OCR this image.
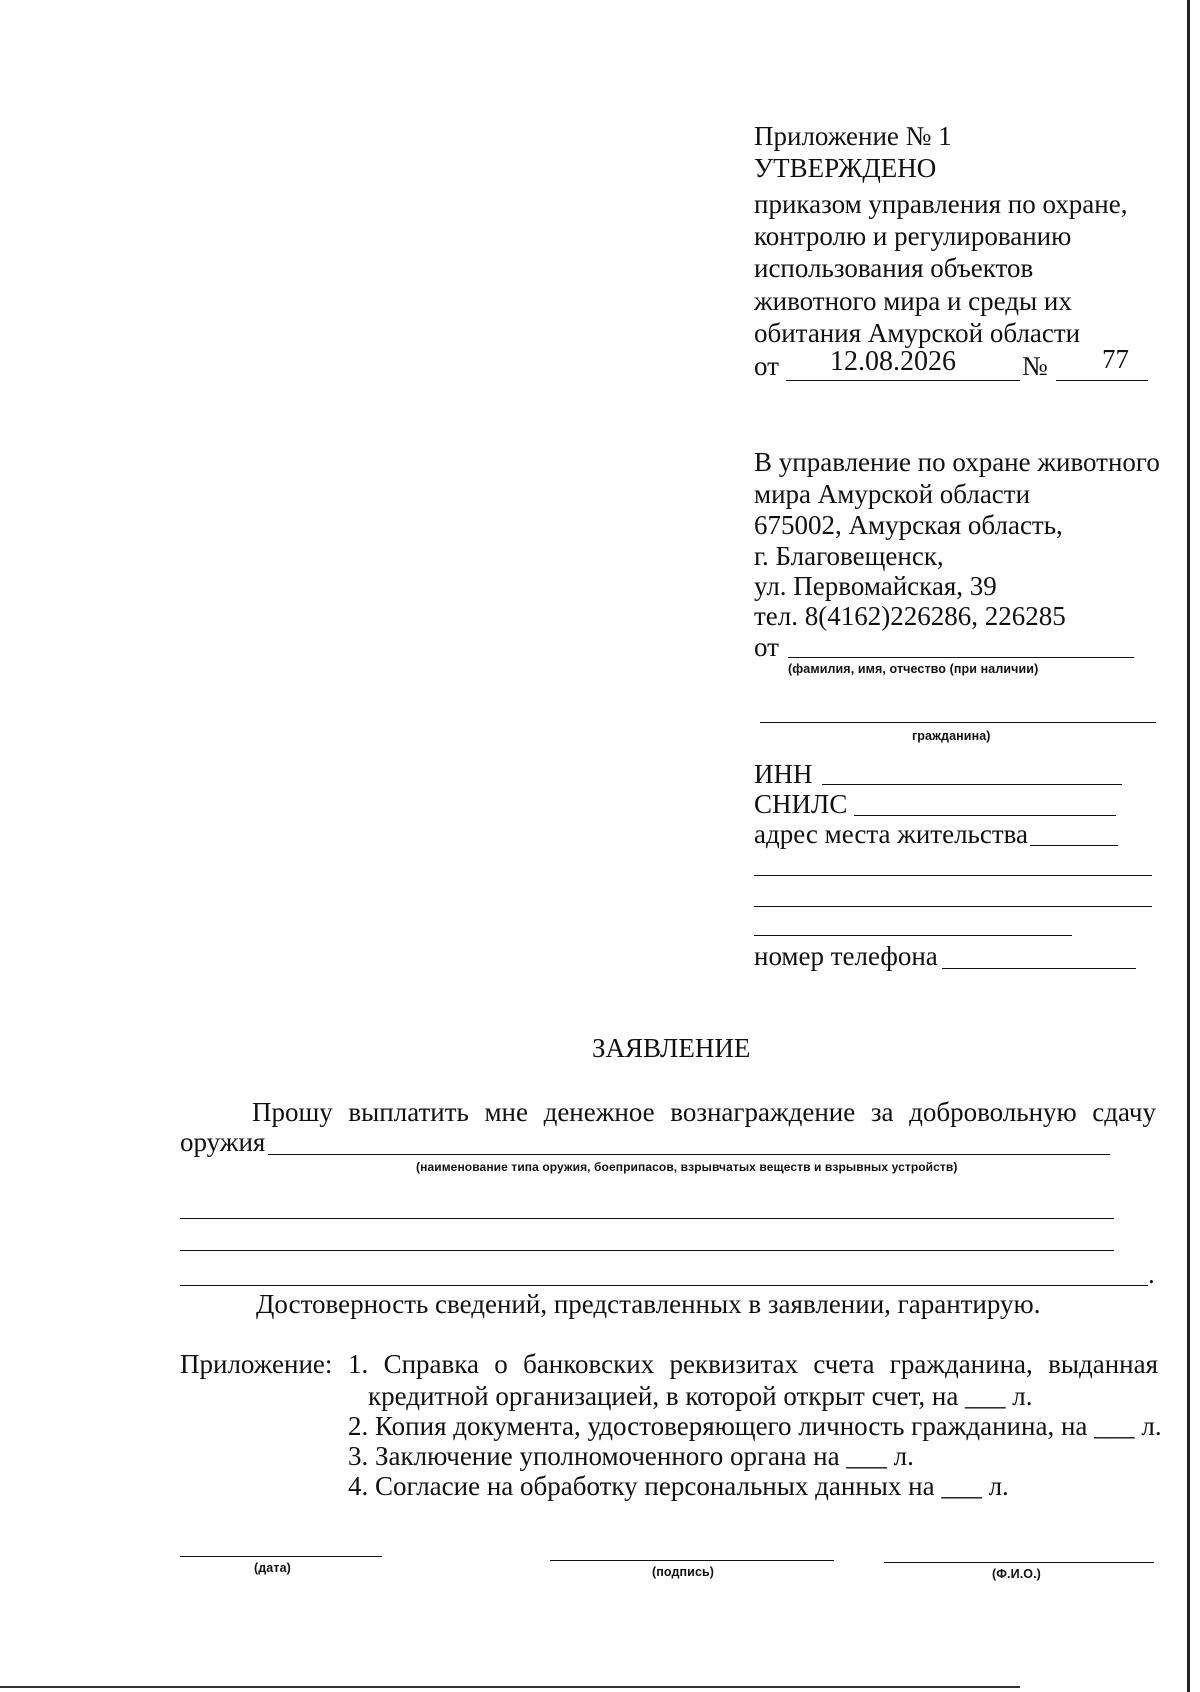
Приложение № 1
УТВЕРЖДЕНО
приказом управления по охране,
контролю и регулированию
использования объектов
животного мира и среды их
обитания Амурской области
от 12.08.2026 № 77
В управление по охране животного
мира Амурской области
675002, Амурская область,
г. Благовещенск,
ул. Первомайская, 39
тел. 8(4162)226286, 226285
от
(фамилия, имя, отчество (при наличии)
гражданина)
ИНН
СНИЛС
адрес места жительства
номер телефона
ЗАЯВЛЕНИЕ
Прошу выплатить мне денежное вознаграждение за добровольную сдачу
оружия
(наименование типа оружия, боеприпасов, взрывчатых веществ и взрывных устройств)
.
Достоверность сведений, представленных в заявлении, гарантирую.
Приложение: 1. Справка о банковских реквизитах счета гражданина, выданная
кредитной организацией, в которой открыт счет, на ___ л.
2. Копия документа, удостоверяющего личность гражданина, на ___ л.
3. Заключение уполномоченного органа на ___ л.
4. Согласие на обработку персональных данных на ___ л.
(дата)	(подпись)	(Ф.И.О.)
